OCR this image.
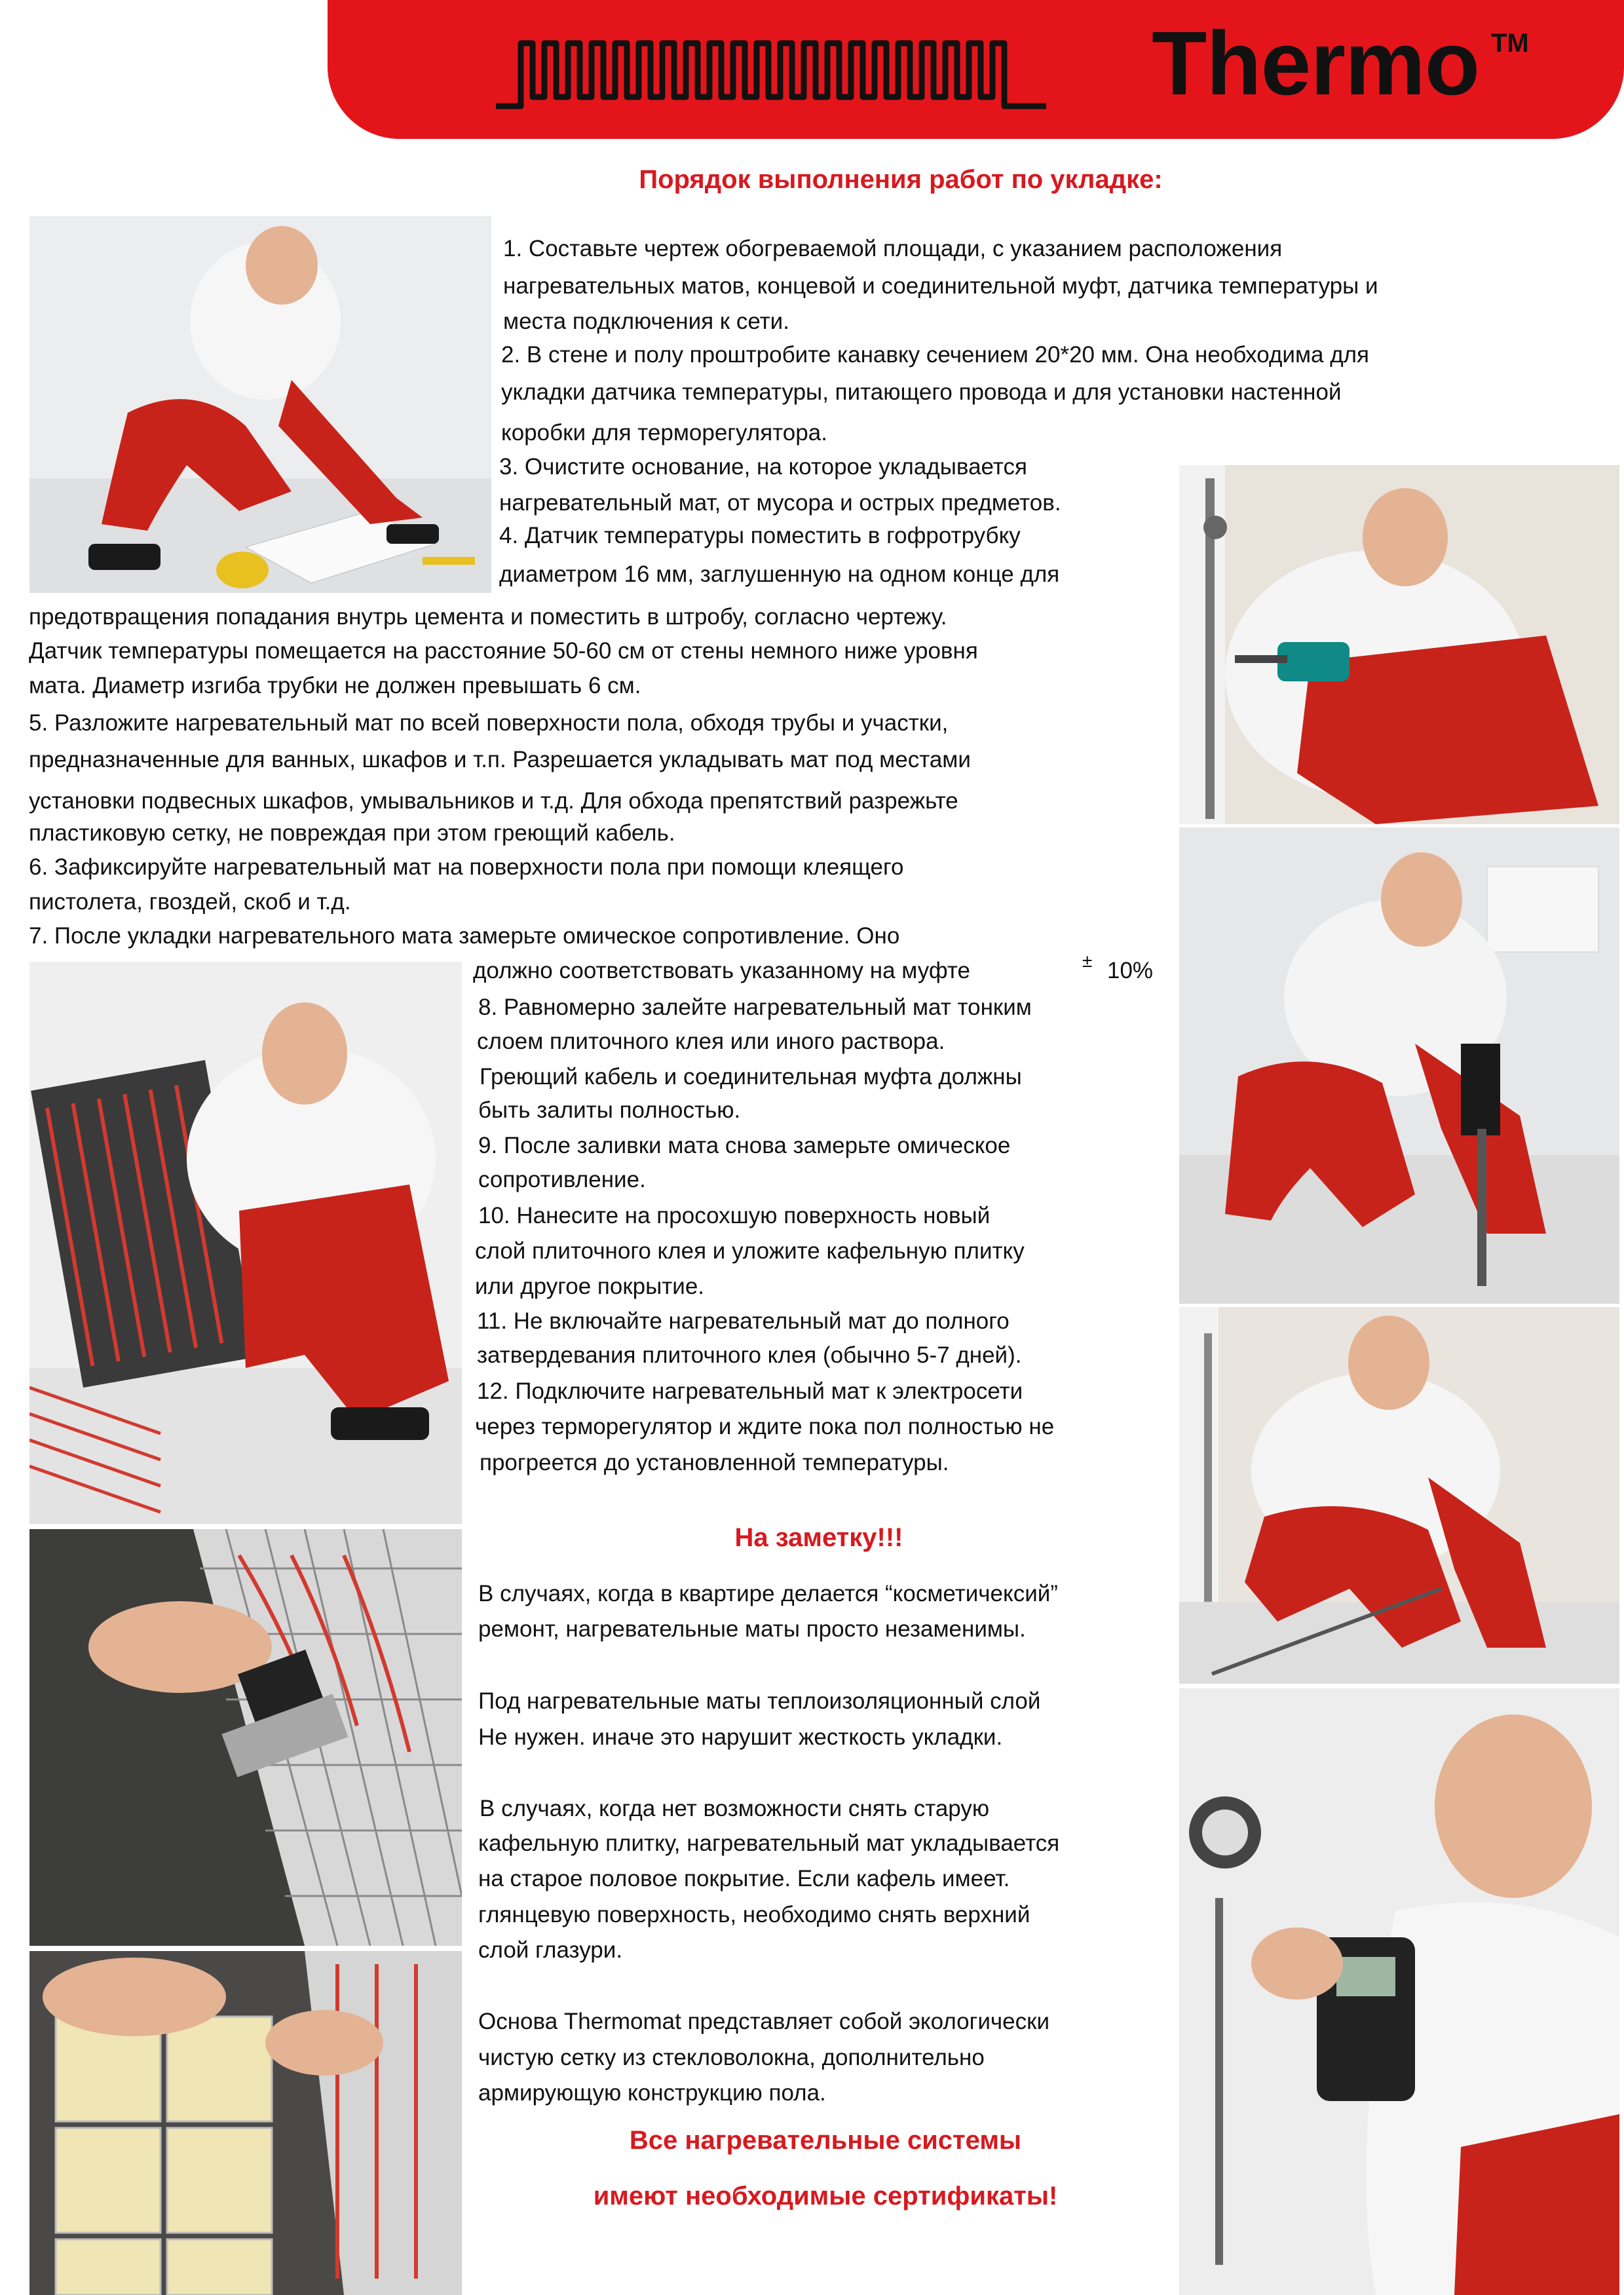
Thermo TM
Порядок выполнения работ по укладке:

1. Составьте чертеж обогреваемой площади, с указанием расположения

нагревательных матов, концевой и соединительной муфт, датчика температуры и

места подключения к сети.

2. В стене и полу проштробите канавку сечением 20*20 мм. Она необходима для

укладки датчика температуры, питающего провода и для установки настенной

коробки для терморегулятора.

3. Очистите основание, на которое укладывается

нагревательный мат, от мусора и острых предметов.

4. Датчик температуры поместить в гофротрубку

диаметром 16 мм, заглушенную на одном конце для

предотвращения попадания внутрь цемента и поместить в штробу, согласно чертежу.

Датчик температуры помещается на расстояние 50-60 см от стены немного ниже уровня

мата. Диаметр изгиба трубки не должен превышать 6 см.

5. Разложите нагревательный мат по всей поверхности пола, обходя трубы и участки,

предназначенные для ванных, шкафов и т.п. Разрешается укладывать мат под местами

установки подвесных шкафов, умывальников и т.д. Для обхода препятствий разрежьте

пластиковую сетку, не повреждая при этом греющий кабель.

6. Зафиксируйте нагревательный мат на поверхности пола при помощи клеящего

пистолета, гвоздей, скоб и т.д.

7. После укладки нагревательного мата замерьте омическое сопротивление. Оно

должно соответствовать указанному на муфте	± 10%

8. Равномерно залейте нагревательный мат тонким

слоем плиточного клея или иного раствора.

Греющий кабель и соединительная муфта должны

быть залиты полностью.

9. После заливки мата снова замерьте омическое

сопротивление.

10. Нанесите на просохшую поверхность новый

слой плиточного клея и уложите кафельную плитку

или другое покрытие.

11. Не включайте нагревательный мат до полного

затвердевания плиточного клея (обычно 5-7 дней).

12. Подключите нагревательный мат к электросети

через терморегулятор и ждите пока пол полностью не

прогреется до установленной температуры.

На заметку!!!

В случаях, когда в квартире делается “косметичексий”

ремонт, нагревательные маты просто незаменимы.

Под нагревательные маты теплоизоляционный слой

Не нужен. иначе это нарушит жесткость укладки.

В случаях, когда нет возможности снять старую

кафельную плитку, нагревательный мат укладывается

на старое половое покрытие. Если кафель имеет.

глянцевую поверхность, необходимо снять верхний

слой глазури.

Основа Thermomat представляет собой экологически

чистую сетку из стекловолокна, дополнительно

армирующую конструкцию пола.

Все нагревательные системы
имеют необходимые сертификаты!
